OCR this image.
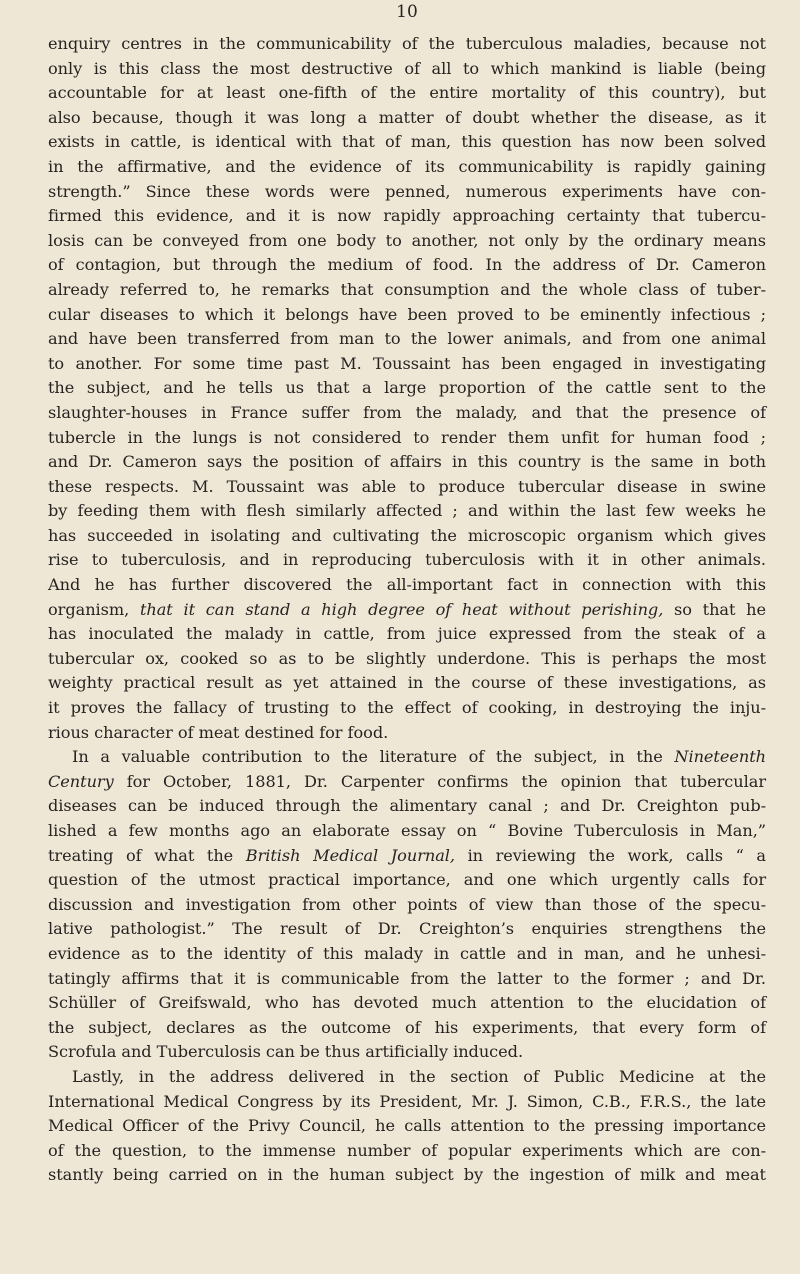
10
enquiry centres in the communicability of the tuberculous maladies, because not
only is this class the most destructive of all to which mankind is liable (being
accountable for at least one-fifth of the entire mortality of this country), but
also because, though it was long a matter of doubt whether the disease, as it
exists in cattle, is identical with that of man, this question has now been solved
in the affirmative, and the evidence of its communicability is rapidly gaining
strength.” Since these words were penned, numerous experiments have con-
firmed this evidence, and it is now rapidly approaching certainty that tubercu-
losis can be conveyed from one body to another, not only by the ordinary means
of contagion, but through the medium of food. In the address of Dr. Cameron
already referred to, he remarks that consumption and the whole class of tuber-
cular diseases to which it belongs have been proved to be eminently infectious ;
and have been transferred from man to the lower animals, and from one animal
to another. For some time past M. Toussaint has been engaged in investigating
the subject, and he tells us that a large proportion of the cattle sent to the
slaughter-houses in France suffer from the malady, and that the presence of
tubercle in the lungs is not considered to render them unfit for human food ;
and Dr. Cameron says the position of affairs in this country is the same in both
these respects. M. Toussaint was able to produce tubercular disease in swine
by feeding them with flesh similarly affected ; and within the last few weeks he
has succeeded in isolating and cultivating the microscopic organism which gives
rise to tuberculosis, and in reproducing tuberculosis with it in other animals.
And he has further discovered the all-important fact in connection with this
organism, that it can stand a high degree of heat without perishing, so that he
has inoculated the malady in cattle, from juice expressed from the steak of a
tubercular ox, cooked so as to be slightly underdone. This is perhaps the most
weighty practical result as yet attained in the course of these investigations, as
it proves the fallacy of trusting to the effect of cooking, in destroying the inju-
rious character of meat destined for food.
In a valuable contribution to the literature of the subject, in the Nineteenth
Century for October, 1881, Dr. Carpenter confirms the opinion that tubercular
diseases can be induced through the alimentary canal ; and Dr. Creighton pub-
lished a few months ago an elaborate essay on “ Bovine Tuberculosis in Man,”
treating of what the British Medical Journal, in reviewing the work, calls “ a
question of the utmost practical importance, and one which urgently calls for
discussion and investigation from other points of view than those of the specu-
lative pathologist.” The result of Dr. Creighton’s enquiries strengthens the
evidence as to the identity of this malady in cattle and in man, and he unhesi-
tatingly affirms that it is communicable from the latter to the former ; and Dr.
Schüller of Greifswald, who has devoted much attention to the elucidation of
the subject, declares as the outcome of his experiments, that every form of
Scrofula and Tuberculosis can be thus artificially induced.
Lastly, in the address delivered in the section of Public Medicine at the
International Medical Congress by its President, Mr. J. Simon, C.B., F.R.S., the late
Medical Officer of the Privy Council, he calls attention to the pressing importance
of the question, to the immense number of popular experiments which are con-
stantly being carried on in the human subject by the ingestion of milk and meat
